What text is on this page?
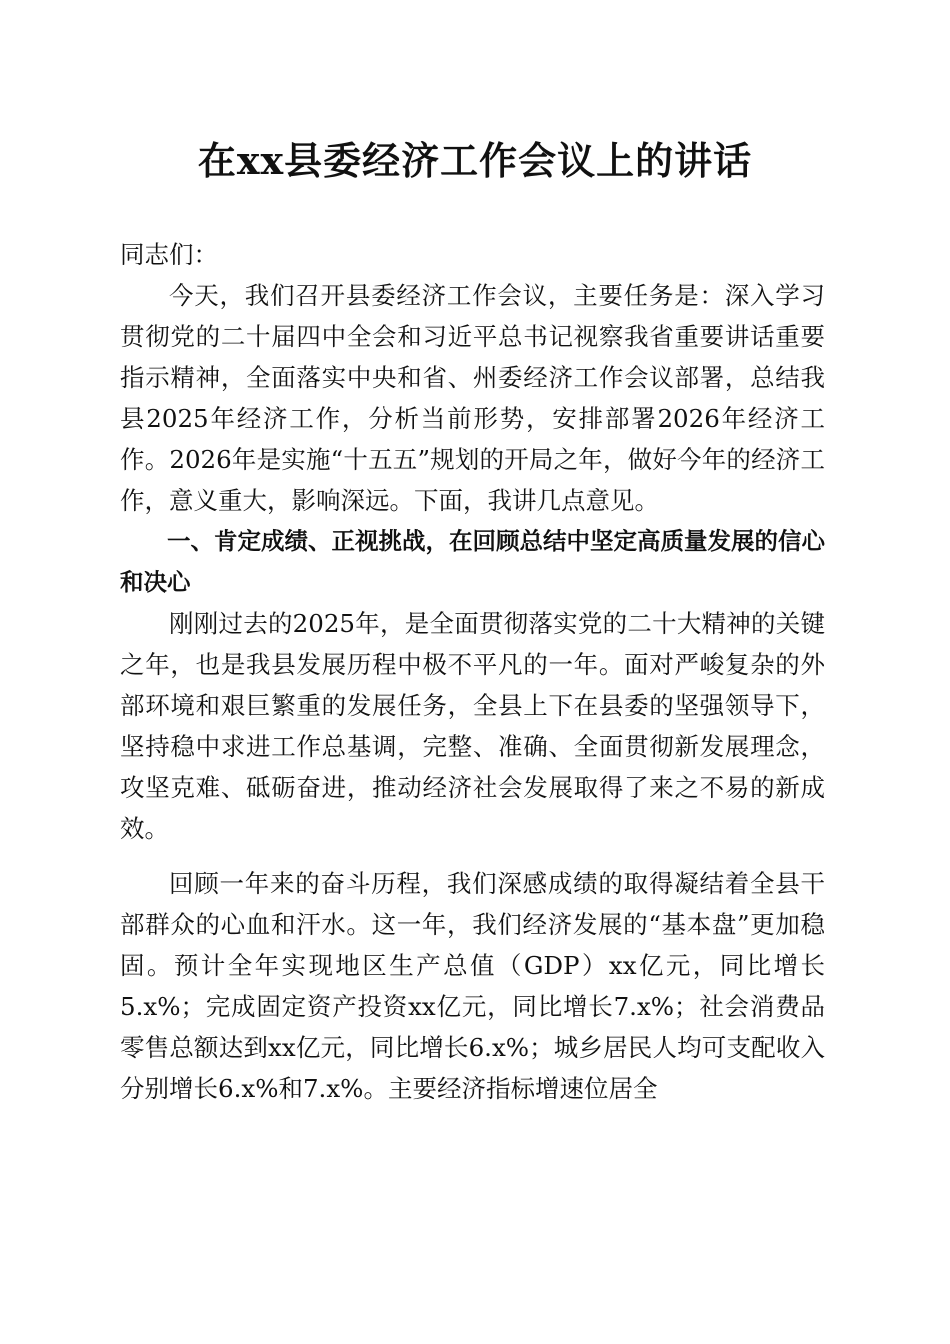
在xx县委经济工作会议上的讲话

同志们：

今天，我们召开县委经济工作会议，主要任务是：深入学习贯彻党的二十届四中全会和习近平总书记视察我省重要讲话重要指示精神，全面落实中央和省、州委经济工作会议部署，总结我县2025年经济工作，分析当前形势，安排部署2026年经济工作。2026年是实施“十五五”规划的开局之年，做好今年的经济工作，意义重大，影响深远。下面，我讲几点意见。

一、肯定成绩、正视挑战，在回顾总结中坚定高质量发展的信心和决心

刚刚过去的2025年，是全面贯彻落实党的二十大精神的关键之年，也是我县发展历程中极不平凡的一年。面对严峻复杂的外部环境和艰巨繁重的发展任务，全县上下在县委的坚强领导下，坚持稳中求进工作总基调，完整、准确、全面贯彻新发展理念，攻坚克难、砥砺奋进，推动经济社会发展取得了来之不易的新成效。

回顾一年来的奋斗历程，我们深感成绩的取得凝结着全县干部群众的心血和汗水。这一年，我们经济发展的“基本盘”更加稳固。预计全年实现地区生产总值（GDP）xx亿元，同比增长5.x%；完成固定资产投资xx亿元，同比增长7.x%；社会消费品零售总额达到xx亿元，同比增长6.x%；城乡居民人均可支配收入分别增长6.x%和7.x%。主要经济指标增速位居全
